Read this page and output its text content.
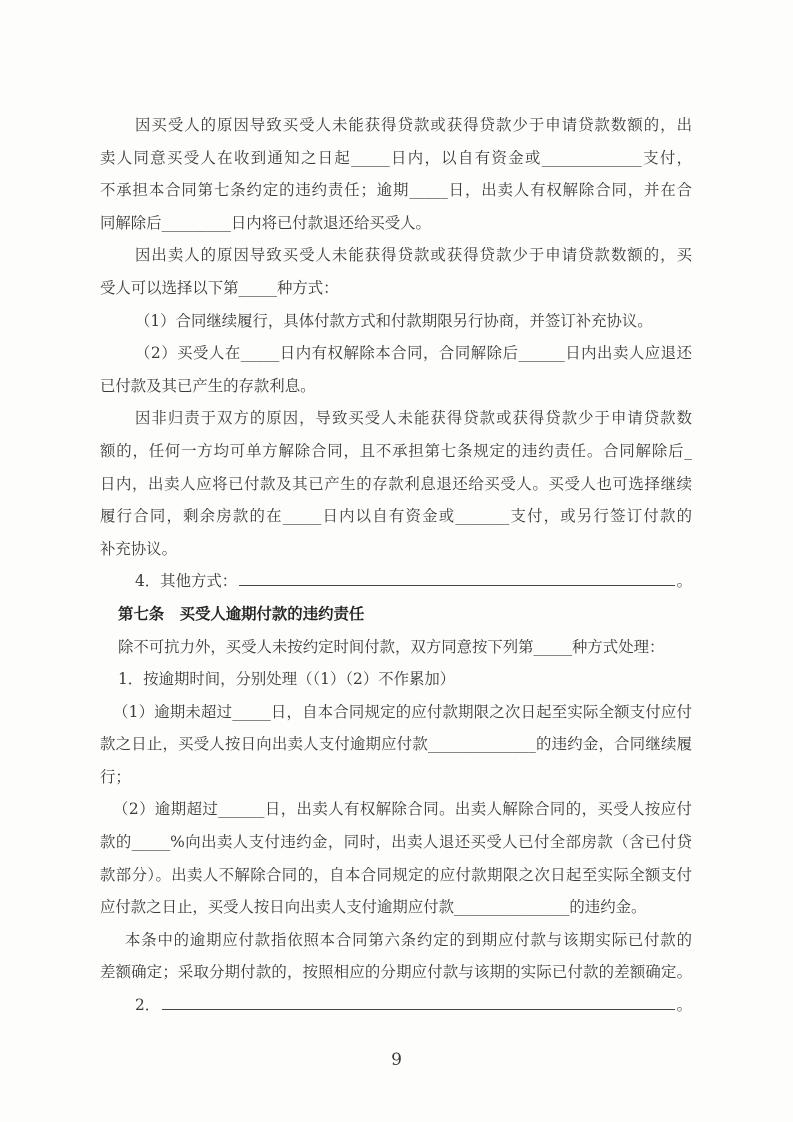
因买受人的原因导致买受人未能获得贷款或获得贷款少于申请贷款数额的，出
卖人同意买受人在收到通知之日起_____日内，以自有资金或_____________支付，
不承担本合同第七条约定的违约责任；逾期_____日，出卖人有权解除合同，并在合
同解除后_________日内将已付款退还给买受人。
因出卖人的原因导致买受人未能获得贷款或获得贷款少于申请贷款数额的，买
受人可以选择以下第_____种方式：
（1）合同继续履行，具体付款方式和付款期限另行协商，并签订补充协议。
（2）买受人在_____日内有权解除本合同，合同解除后______日内出卖人应退还
已付款及其已产生的存款利息。
因非归责于双方的原因，导致买受人未能获得贷款或获得贷款少于申请贷款数
额的，任何一方均可单方解除合同，且不承担第七条规定的违约责任。合同解除后_
日内，出卖人应将已付款及其已产生的存款利息退还给买受人。买受人也可选择继续
履行合同，剩余房款的在_____日内以自有资金或_______支付，或另行签订付款的
补充协议。
4．其他方式：	。
第七条　买受人逾期付款的违约责任
除不可抗力外，买受人未按约定时间付款，双方同意按下列第_____种方式处理：
1．按逾期时间，分别处理（（1）（2）不作累加）
（1）逾期未超过_____日，自本合同规定的应付款期限之次日起至实际全额支付应付
款之日止，买受人按日向出卖人支付逾期应付款______________的违约金，合同继续履
行；
（2）逾期超过______日，出卖人有权解除合同。出卖人解除合同的，买受人按应付
款的_____%向出卖人支付违约金，同时，出卖人退还买受人已付全部房款（含已付贷
款部分）。出卖人不解除合同的，自本合同规定的应付款期限之次日起至实际全额支付
应付款之日止，买受人按日向出卖人支付逾期应付款_______________的违约金。
本条中的逾期应付款指依照本合同第六条约定的到期应付款与该期实际已付款的
差额确定；采取分期付款的，按照相应的分期应付款与该期的实际已付款的差额确定。
2．	。
9
